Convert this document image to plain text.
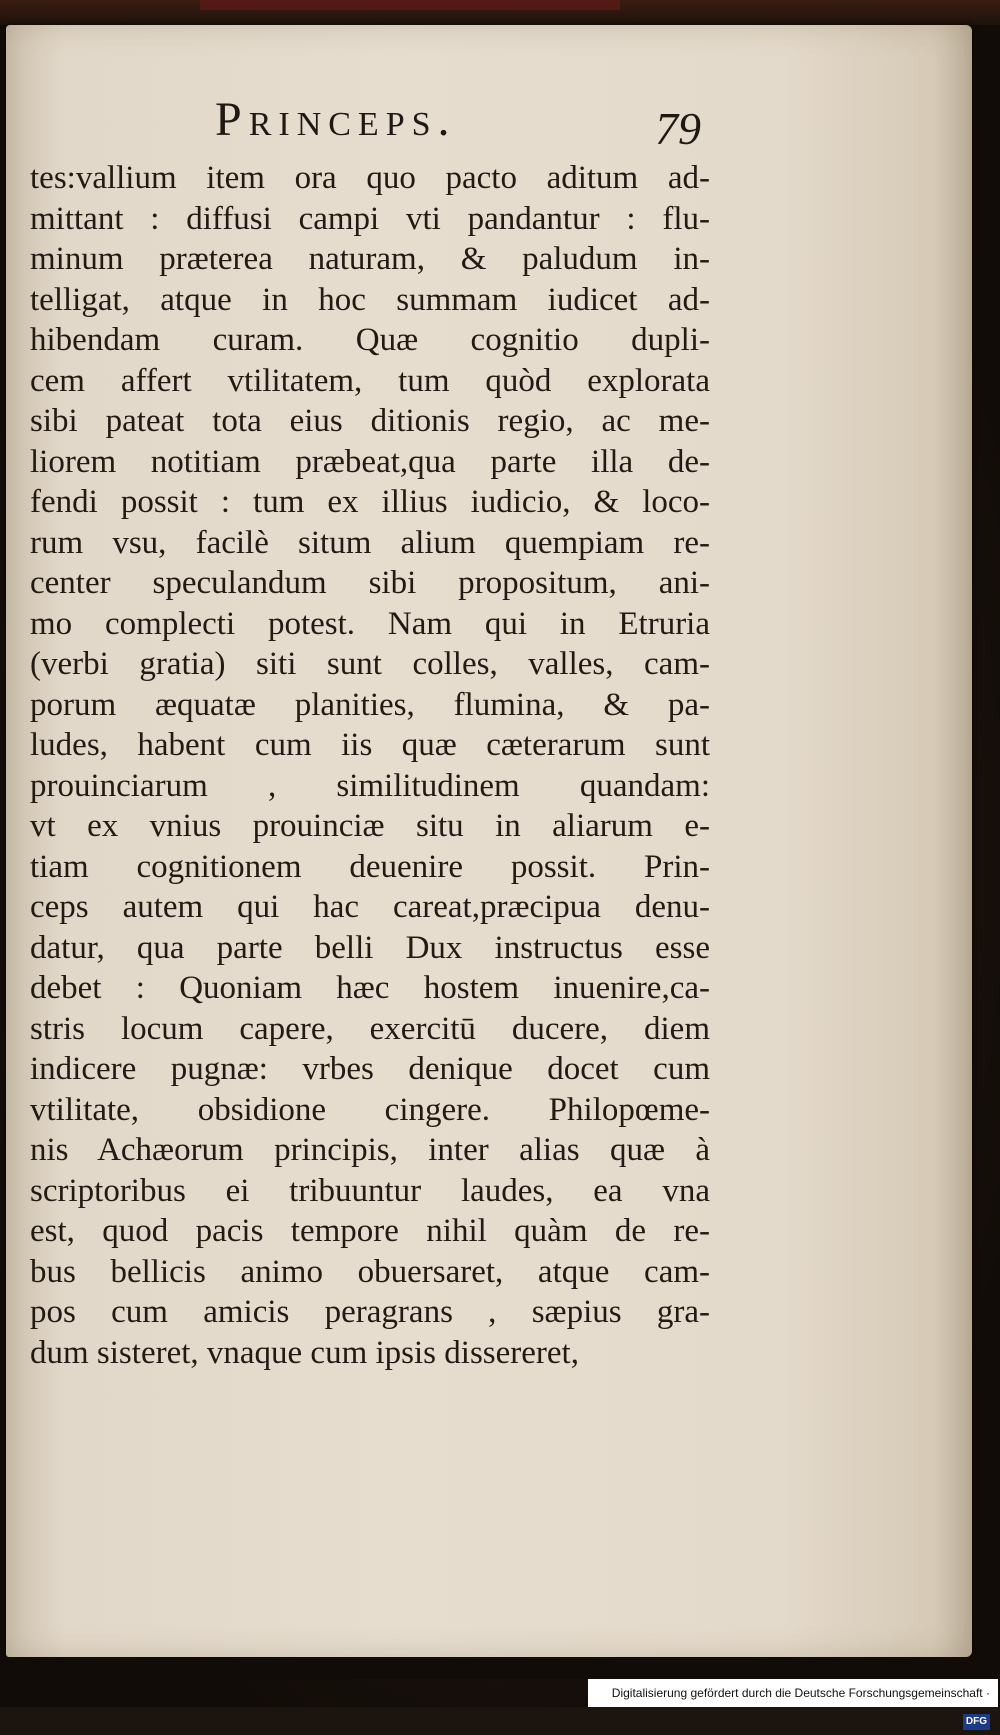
Princeps.	79
tes:vallium item ora quo pacto aditum ad-
mittant : diffusi campi vti pandantur : flu-
minum præterea naturam, & paludum in-
telligat, atque in hoc summam iudicet ad-
hibendam curam. Quæ cognitio dupli-
cem affert vtilitatem, tum quòd explorata
sibi pateat tota eius ditionis regio, ac me-
liorem notitiam præbeat,qua parte illa de-
fendi possit : tum ex illius iudicio, & loco-
rum vsu, facilè situm alium quempiam re-
center speculandum sibi propositum, ani-
mo complecti potest. Nam qui in Etruria
(verbi gratia) siti sunt colles, valles, cam-
porum æquatæ planities, flumina, & pa-
ludes, habent cum iis quæ cæterarum sunt
prouinciarum , similitudinem quandam:
vt ex vnius prouinciæ situ in aliarum e-
tiam cognitionem deuenire possit. Prin-
ceps autem qui hac careat,præcipua denu-
datur, qua parte belli Dux instructus esse
debet : Quoniam hæc hostem inuenire,ca-
stris locum capere, exercitū ducere, diem
indicere pugnæ: vrbes denique docet cum
vtilitate, obsidione cingere. Philopœme-
nis Achæorum principis, inter alias quæ à
scriptoribus ei tribuuntur laudes, ea vna
est, quod pacis tempore nihil quàm de re-
bus bellicis animo obuersaret, atque cam-
pos cum amicis peragrans , sæpius gra-
dum sisteret, vnaque cum ipsis dissereret,
Digitalisierung gefördert durch die Deutsche Forschungsgemeinschaft · DFG
